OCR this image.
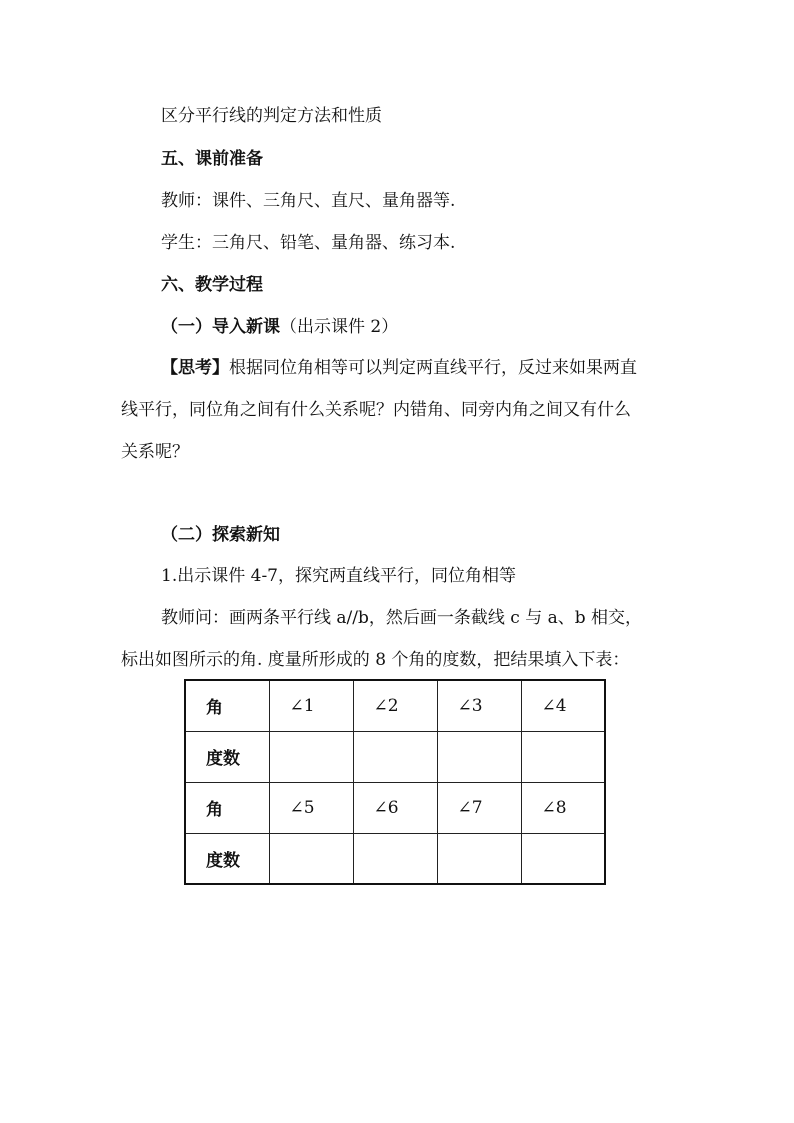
区分平行线的判定方法和性质
五、课前准备
教师：课件、三角尺、直尺、量角器等.
学生：三角尺、铅笔、量角器、练习本.
六、教学过程
（一）导入新课（出示课件 2）
【思考】根据同位角相等可以判定两直线平行，反过来如果两直
线平行，同位角之间有什么关系呢？内错角、同旁内角之间又有什么
关系呢？
（二）探索新知
1.出示课件 4-7，探究两直线平行，同位角相等
教师问：画两条平行线 a//b，然后画一条截线 c 与 a、b 相交，
标出如图所示的角. 度量所形成的 8 个角的度数，把结果填入下表：
角	∠1	∠2	∠3	∠4
度数				
角	∠5	∠6	∠7	∠8
度数				
